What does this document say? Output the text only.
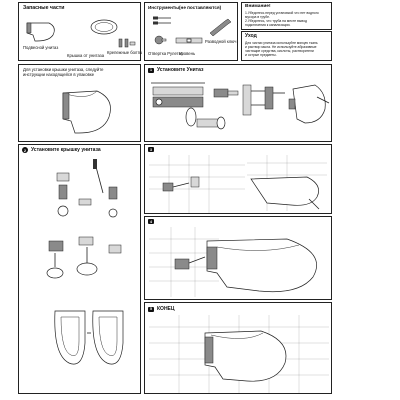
Запасные части
Подвесной унитаз
Крышка от унитаза
Крепежные болты
Инструменты(не поставляются)
Отвертка Рулетка
Уровень
Разводной ключ
Внимание!
1.Убедитесь перед установкой что нет водного
мусора в трубе.
2.Убедитесь, что труба на месте вывод
подключения к канализации.
Уход
Для чистки унитаза используйте мягкую ткань
и раствор мыла. Не используйте абразивные
чистящие средства, кислоты, растворители
и острые предметы.
Для установки крышки унитаза, следуйте
инструкции находящейся в упаковке
1	Установите Унитаз
2 Установите крышку унитаза	3
4
5	КОНЕЦ
